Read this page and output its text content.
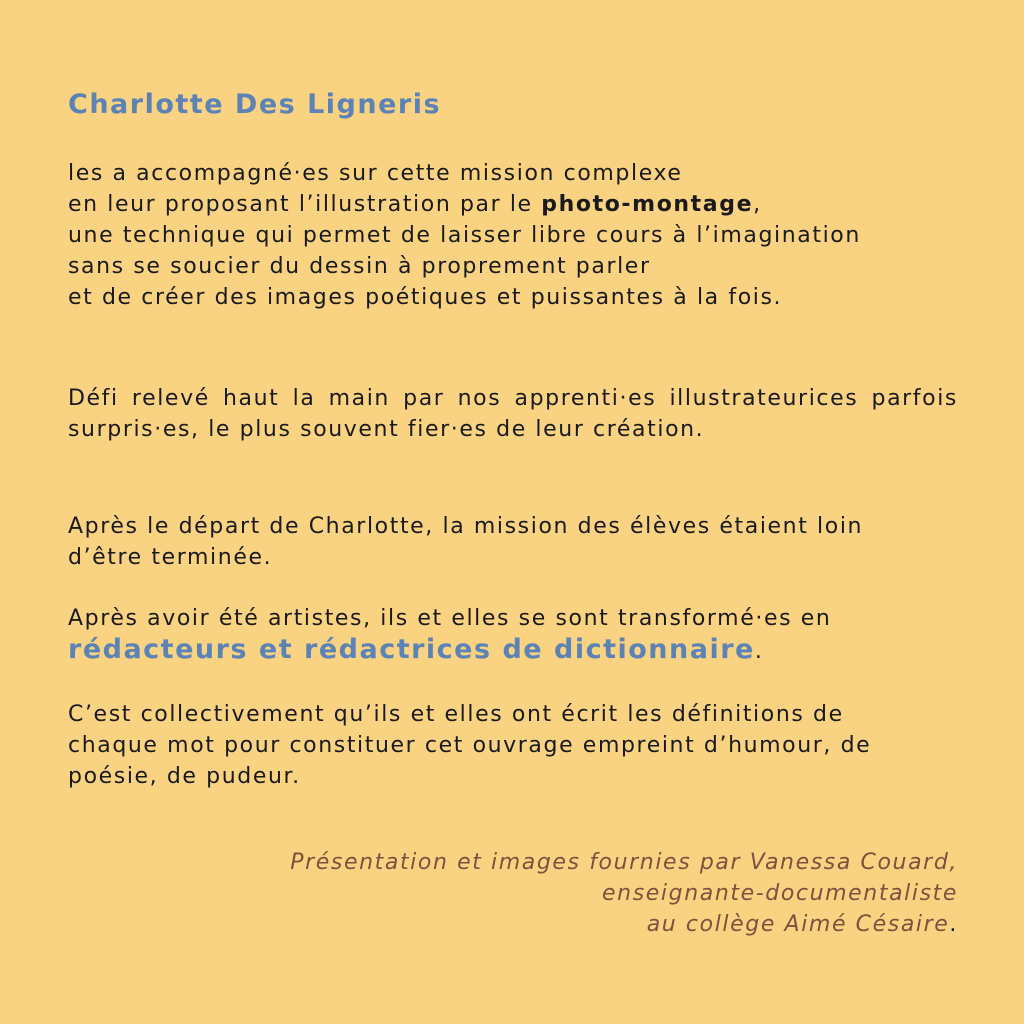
Charlotte Des Ligneris

les a accompagné·es sur cette mission complexe
en leur proposant l’illustration par le photo-montage,
une technique qui permet de laisser libre cours à l’imagination
sans se soucier du dessin à proprement parler
et de créer des images poétiques et puissantes à la fois.

Défi relevé haut la main par nos apprenti·es illustrateurices parfois surpris·es, le plus souvent fier·es de leur création.

Après le départ de Charlotte, la mission des élèves étaient loin
d’être terminée.

Après avoir été artistes, ils et elles se sont transformé·es en
rédacteurs et rédactrices de dictionnaire.

C’est collectivement qu’ils et elles ont écrit les définitions de
chaque mot pour constituer cet ouvrage empreint d’humour, de
poésie, de pudeur.

Présentation et images fournies par Vanessa Couard,
enseignante-documentaliste
au collège Aimé Césaire.
